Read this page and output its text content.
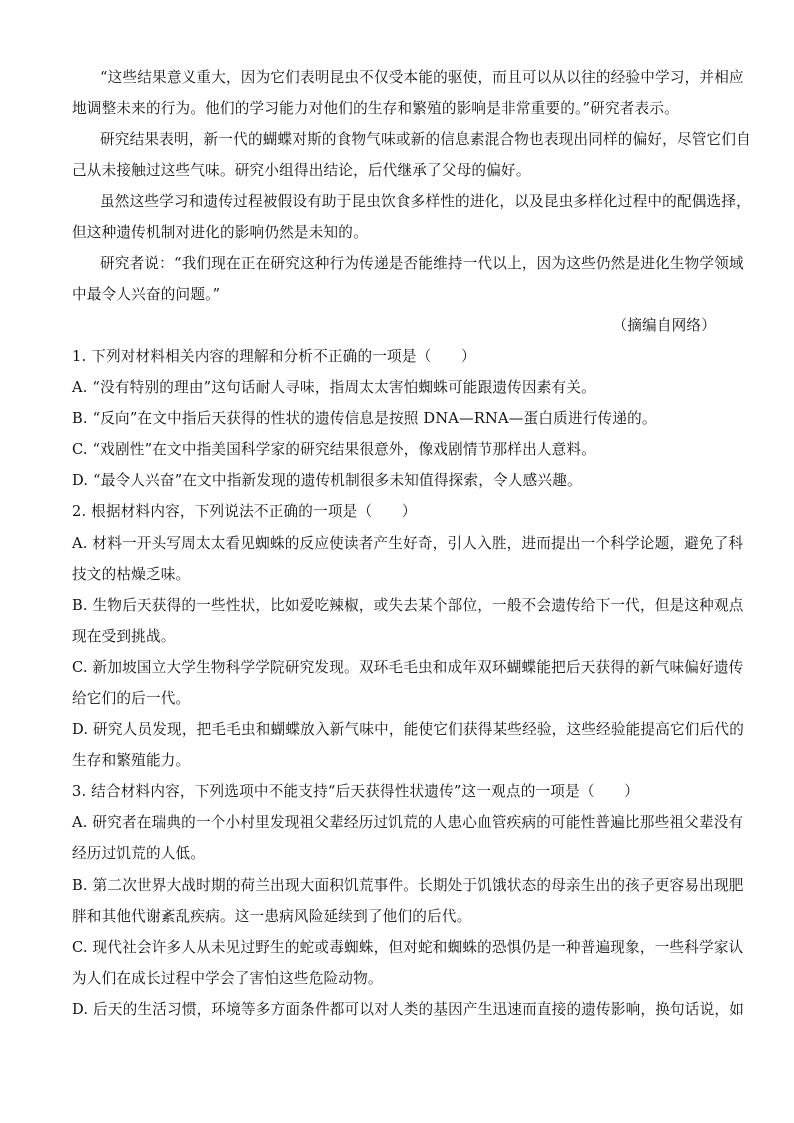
“这些结果意义重大，因为它们表明昆虫不仅受本能的驱使，而且可以从以往的经验中学习，并相应
地调整未来的行为。他们的学习能力对他们的生存和繁殖的影响是非常重要的。”研究者表示。
研究结果表明，新一代的蝴蝶对斯的食物气味或新的信息素混合物也表现出同样的偏好，尽管它们自
己从未接触过这些气味。研究小组得出结论，后代继承了父母的偏好。
虽然这些学习和遗传过程被假设有助于昆虫饮食多样性的进化，以及昆虫多样化过程中的配偶选择，
但这种遗传机制对进化的影响仍然是未知的。
研究者说：“我们现在正在研究这种行为传递是否能维持一代以上，因为这些仍然是进化生物学领域
中最令人兴奋的问题。”
（摘编自网络）
1. 下列对材料相关内容的理解和分析不正确的一项是（　　）
A. “没有特别的理由”这句话耐人寻味，指周太太害怕蜘蛛可能跟遗传因素有关。
B. “反向”在文中指后天获得的性状的遗传信息是按照 DNA—RNA—蛋白质进行传递的。
C. “戏剧性”在文中指美国科学家的研究结果很意外，像戏剧情节那样出人意料。
D. “最令人兴奋”在文中指新发现的遗传机制很多未知值得探索，令人感兴趣。
2. 根据材料内容，下列说法不正确的一项是（　　）
A. 材料一开头写周太太看见蜘蛛的反应使读者产生好奇，引人入胜，进而提出一个科学论题，避免了科
技文的枯燥乏味。
B. 生物后天获得的一些性状，比如爱吃辣椒，或失去某个部位，一般不会遗传给下一代，但是这种观点
现在受到挑战。
C. 新加坡国立大学生物科学学院研究发现。双环毛毛虫和成年双环蝴蝶能把后天获得的新气味偏好遗传
给它们的后一代。
D. 研究人员发现，把毛毛虫和蝴蝶放入新气味中，能使它们获得某些经验，这些经验能提高它们后代的
生存和繁殖能力。
3. 结合材料内容，下列选项中不能支持“后天获得性状遗传”这一观点的一项是（　　）
A. 研究者在瑞典的一个小村里发现祖父辈经历过饥荒的人患心血管疾病的可能性普遍比那些祖父辈没有
经历过饥荒的人低。
B. 第二次世界大战时期的荷兰出现大面积饥荒事件。长期处于饥饿状态的母亲生出的孩子更容易出现肥
胖和其他代谢紊乱疾病。这一患病风险延续到了他们的后代。
C. 现代社会许多人从未见过野生的蛇或毒蜘蛛，但对蛇和蜘蛛的恐惧仍是一种普遍现象，一些科学家认
为人们在成长过程中学会了害怕这些危险动物。
D. 后天的生活习惯，环境等多方面条件都可以对人类的基因产生迅速而直接的遗传影响，换句话说，如
